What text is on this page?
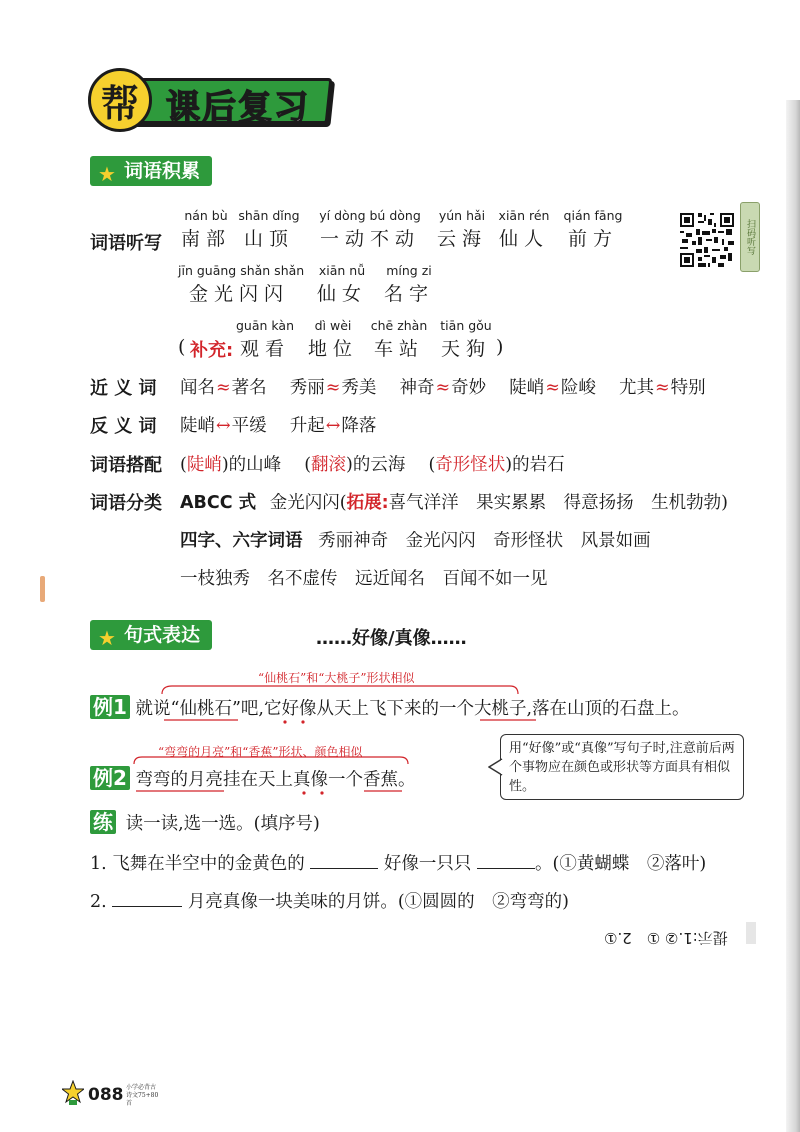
扫码听写
课后复习
帮
★ 词语积累
词语听写
nán bù
南部
shān dǐng
山顶
yí dòng bú dòng
一动不动
yún hǎi
云海
xiān rén
仙人
qián fāng
前方
jīn guāng shǎn shǎn
金光闪闪
xiān nǚ
仙女
míng zi
名字
( 补充:
guān kàn
观看
dì wèi
地位
chē zhàn
车站
tiān gǒu
天狗 )
近 义 词 闻名≈著名　 秀丽≈秀美　 神奇≈奇妙　 陡峭≈险峻　 尤其≈特别
反 义 词 陡峭↔平缓　 升起↔降落
词语搭配 (陡峭)的山峰　 (翻滚)的云海　 (奇形怪状)的岩石
词语分类 ABCC 式 金光闪闪(拓展:喜气洋洋　果实累累　得意扬扬　生机勃勃)
四字、六字词语 秀丽神奇　金光闪闪　奇形怪状　风景如画
一枝独秀　名不虚传　远近闻名　百闻不如一见
★ 句式表达	……好像/真像……
“仙桃石”和“大桃子”形状相似
例1 就说“仙桃石”吧,它好像从天上飞下来的一个大桃子,落在山顶的石盘上。
“弯弯的月亮”和“香蕉”形状、颜色相似
例2 弯弯的月亮挂在天上真像一个香蕉。
用“好像”或“真像”写句子时,注意前后两个事物应在颜色或形状等方面具有相似性。
练 读一读,选一选。(填序号)
1. 飞舞在半空中的金黄色的	好像一只只	。(①黄蝴蝶　②落叶)
2.	月亮真像一块美味的月饼。(①圆圆的　②弯弯的)
提示:1.② ①　2.①
088 小学必背古诗文75+80首
